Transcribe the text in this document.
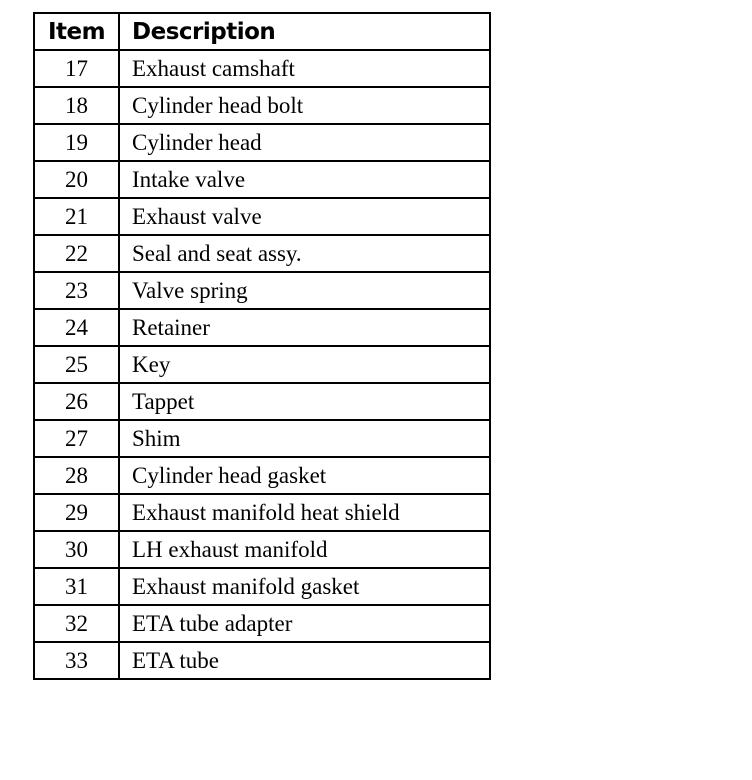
Item	Description
17	Exhaust camshaft
18	Cylinder head bolt
19	Cylinder head
20	Intake valve
21	Exhaust valve
22	Seal and seat assy.
23	Valve spring
24	Retainer
25	Key
26	Tappet
27	Shim
28	Cylinder head gasket
29	Exhaust manifold heat shield
30	LH exhaust manifold
31	Exhaust manifold gasket
32	ETA tube adapter
33	ETA tube
